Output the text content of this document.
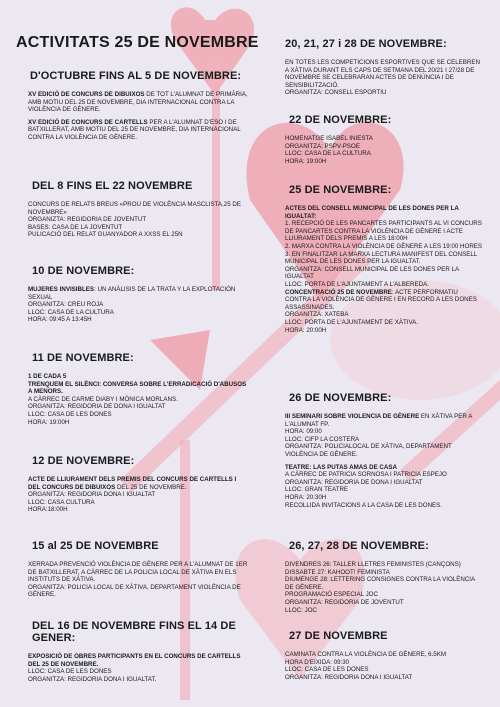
ACTIVITATS 25 DE NOVEMBRE
D'OCTUBRE FINS AL 5 DE NOVEMBRE:

XV EDICIÓ DE CONCURS DE DIBUIXOS DE TOT L'ALUMNAT DE PRIMÀRIA, AMB MOTIU DEL 25 DE NOVEMBRE, DIA INTERNACIONAL CONTRA LA VIOLÈNCIA DE GÈNERE.
XV EDICIÓ DE CONCURS DE CARTELLS PER A L'ALUMNAT D'ESO I DE BATXILLERAT, AMB MOTIU DEL 25 DE NOVEMBRE, DIA INTERNACIONAL CONTRA LA VIOLÈNCIA DE GÈNERE.

DEL 8 FINS EL 22 NOVEMBRE

CONCURS DE RELATS BREUS «PROU DE VIOLÈNCIA MASCLISTA,25 DE NOVEMBRE»
ORGANIZTA: REGIDORIA DE JOVENTUT
BASES: CASA DE LA JOVENTUT
PULICACIÓ DEL RELAT GUANYADOR A XXSS EL 25N

10 DE NOVEMBRE:

MUJERES INVISIBLES: UN ANÀLISIS DE LA TRATA Y LA EXPLOTACIÓN SEXUAL
ORGANITZA: CREU ROJA
LLOC: CASA DE LA CULTURA
HORA: 09:45 A 13:45H

11 DE NOVEMBRE:

1 DE CADA 5
TRENQUEM EL SILÈNCI: CONVERSA SOBRE L'ERRADICACIÓ D'ABUSOS A MENORS.
A CÀRREC DE CARME DIABY I MÒNICA MORLANS.
ORGANITZA: REGIDORIA DE DONA I IGUALTAT
LLOC: CASA DE LES DONES
HORA: 19:00H

12 DE NOVEMBRE:

ACTE DE LLIURAMENT DELS PREMIS DEL CONCURS DE CARTELLS I DEL CONCURS DE DIBUIXOS DEL 25 DE NOVEMBRE.
ORGANITZA: REGIDORIA DONA I IGUALTAT
LLOC: CASA CULTURA
HORA:18:00H

15 al 25 DE NOVEMBRE

XERRADA PREVENCIÓ VIOLÈNCIA DE GÈNERE PER A L'ALUMNAT DE 1ER DE BATXILLERAT, A CÀRREC DE LA POLICIA LOCAL DE XÀTIVA EN ELS INSTITUTS DE XÀTIVA.
ORGANITZA: POLICIA LOCAL DE XÀTIVA, DEPARTAMENT VIOLÈNCIA DE GÈNERE.

DEL 16 DE NOVEMBRE FINS EL 14 DE GENER:

EXPOSICIÓ DE OBRES PARTICIPANTS EN EL CONCURS DE CARTELLS DEL 25 DE NOVEMBRE.
LLOC: CASA DE LES DONES
ORGANITZA: REGIDORIA DONA I IGUALTAT.

20, 21, 27 i 28 DE NOVEMBRE:

EN TOTES LES COMPETICIONS ESPORTIVES QUE SE CELEBREN A XÀTIVA DURANT ELS CAPS DE SETMANA DEL 20/21 I 27/28 DE NOVEMBRE SE CELEBRARAN ACTES DE DENÚNCIA I DE SENSIBILITZACIÓ.
ORGANITZA: CONSELL ESPORTIU

22 DE NOVEMBRE:

HOMENATGE ISABEL INIESTA
ORGANITZA: PSPV-PSOE
LLOC: CASA DE LA CULTURA
HORA: 19:00H

25 DE NOVEMBRE:

ACTES DEL CONSELL MUNICIPAL DE LES DONES PER LA IGUALTAT:
1. RECEPCIÓ DE LES PANCARTES PARTICIPANTS AL VI CONCURS DE PANCARTES CONTRA LA VIOLÈNCIA DE GÈNERE I ACTE LLIURAMENT DELS PREMIS A LES 18:00H
2. MARXA CONTRA LA VIOLÈNCIA DE GÈNERE A LES 19:00 HORES
3. EN FINALITZAR LA MARXA LECTURA MANIFEST DEL CONSELL MUNICIPAL DE LES DONES PER LA IGUALTAT.
ORGANITZA: CONSELL MUNICIPAL DE LES DONES PER LA IGUALTAT
LLOC: PORTA DE L'AJUNTAMENT A L'ALBEREDA.
CONCENTRACIÓ 25 DE NOVEMBRE: ACTE PERFORMATIU CONTRA LA VIOLÈNCIA DE GÈNERE I EN RECORD A LES DONES ASSASSINADES.
ORGANITZA: XATEBA
LLOC: PORTA DE L'AJUNTAMENT DE XÀTIVA.
HORA: 20:00H

26 DE NOVEMBRE:

III SEMINARI SOBRE VIOLENCIA DE GÈNERE EN XÀTIVA PER A L'ALUMNAT FP.
HORA: 09:00
LLOC: CIFP LA COSTERA
ORGANITZA: POLICIALOCAL DE XÀTIVA, DEPARTAMENT VIOLÈNCIA DE GÈNERE.
TEATRE: LAS PUTAS AMAS DE CASA
A CÀRREC DE PATRICIA SORNOSA I PATRICIA ESPEJO
ORGANITZA: REGIDORIA DE DONA I IGUALTAT
LLOC: GRAN TEATRE
HORA: 20:30H
RECOLLIDA INVITACIONS A LA CASA DE LES DONES.

26, 27, 28 DE NOVEMBRE:

DIVENDRES 26: TALLER LLETRES FEMINISTES (CANÇONS)
DISSABTE 27: KAHOOT! FEMINISTA
DIUMENGE 28: LETTERING CONSIGNES CONTRA LA VIOLÈNCIA DE GÈNERE.
PROGRAMACIÓ ESPECIAL JOC
ORGANITZA: REGIDORIA DE JOVENTUT
LLOC: JOC

27 DE NOVEMBRE

CAMINATA CONTRA LA VIOLÈNCIA DE GÈNERE, 6.5KM
HORA D'EIXIDA: 09:30
LLOC: CASA DE LES DONES
ORGANITZA: REGIDORIA DONA I IGUALTAT
